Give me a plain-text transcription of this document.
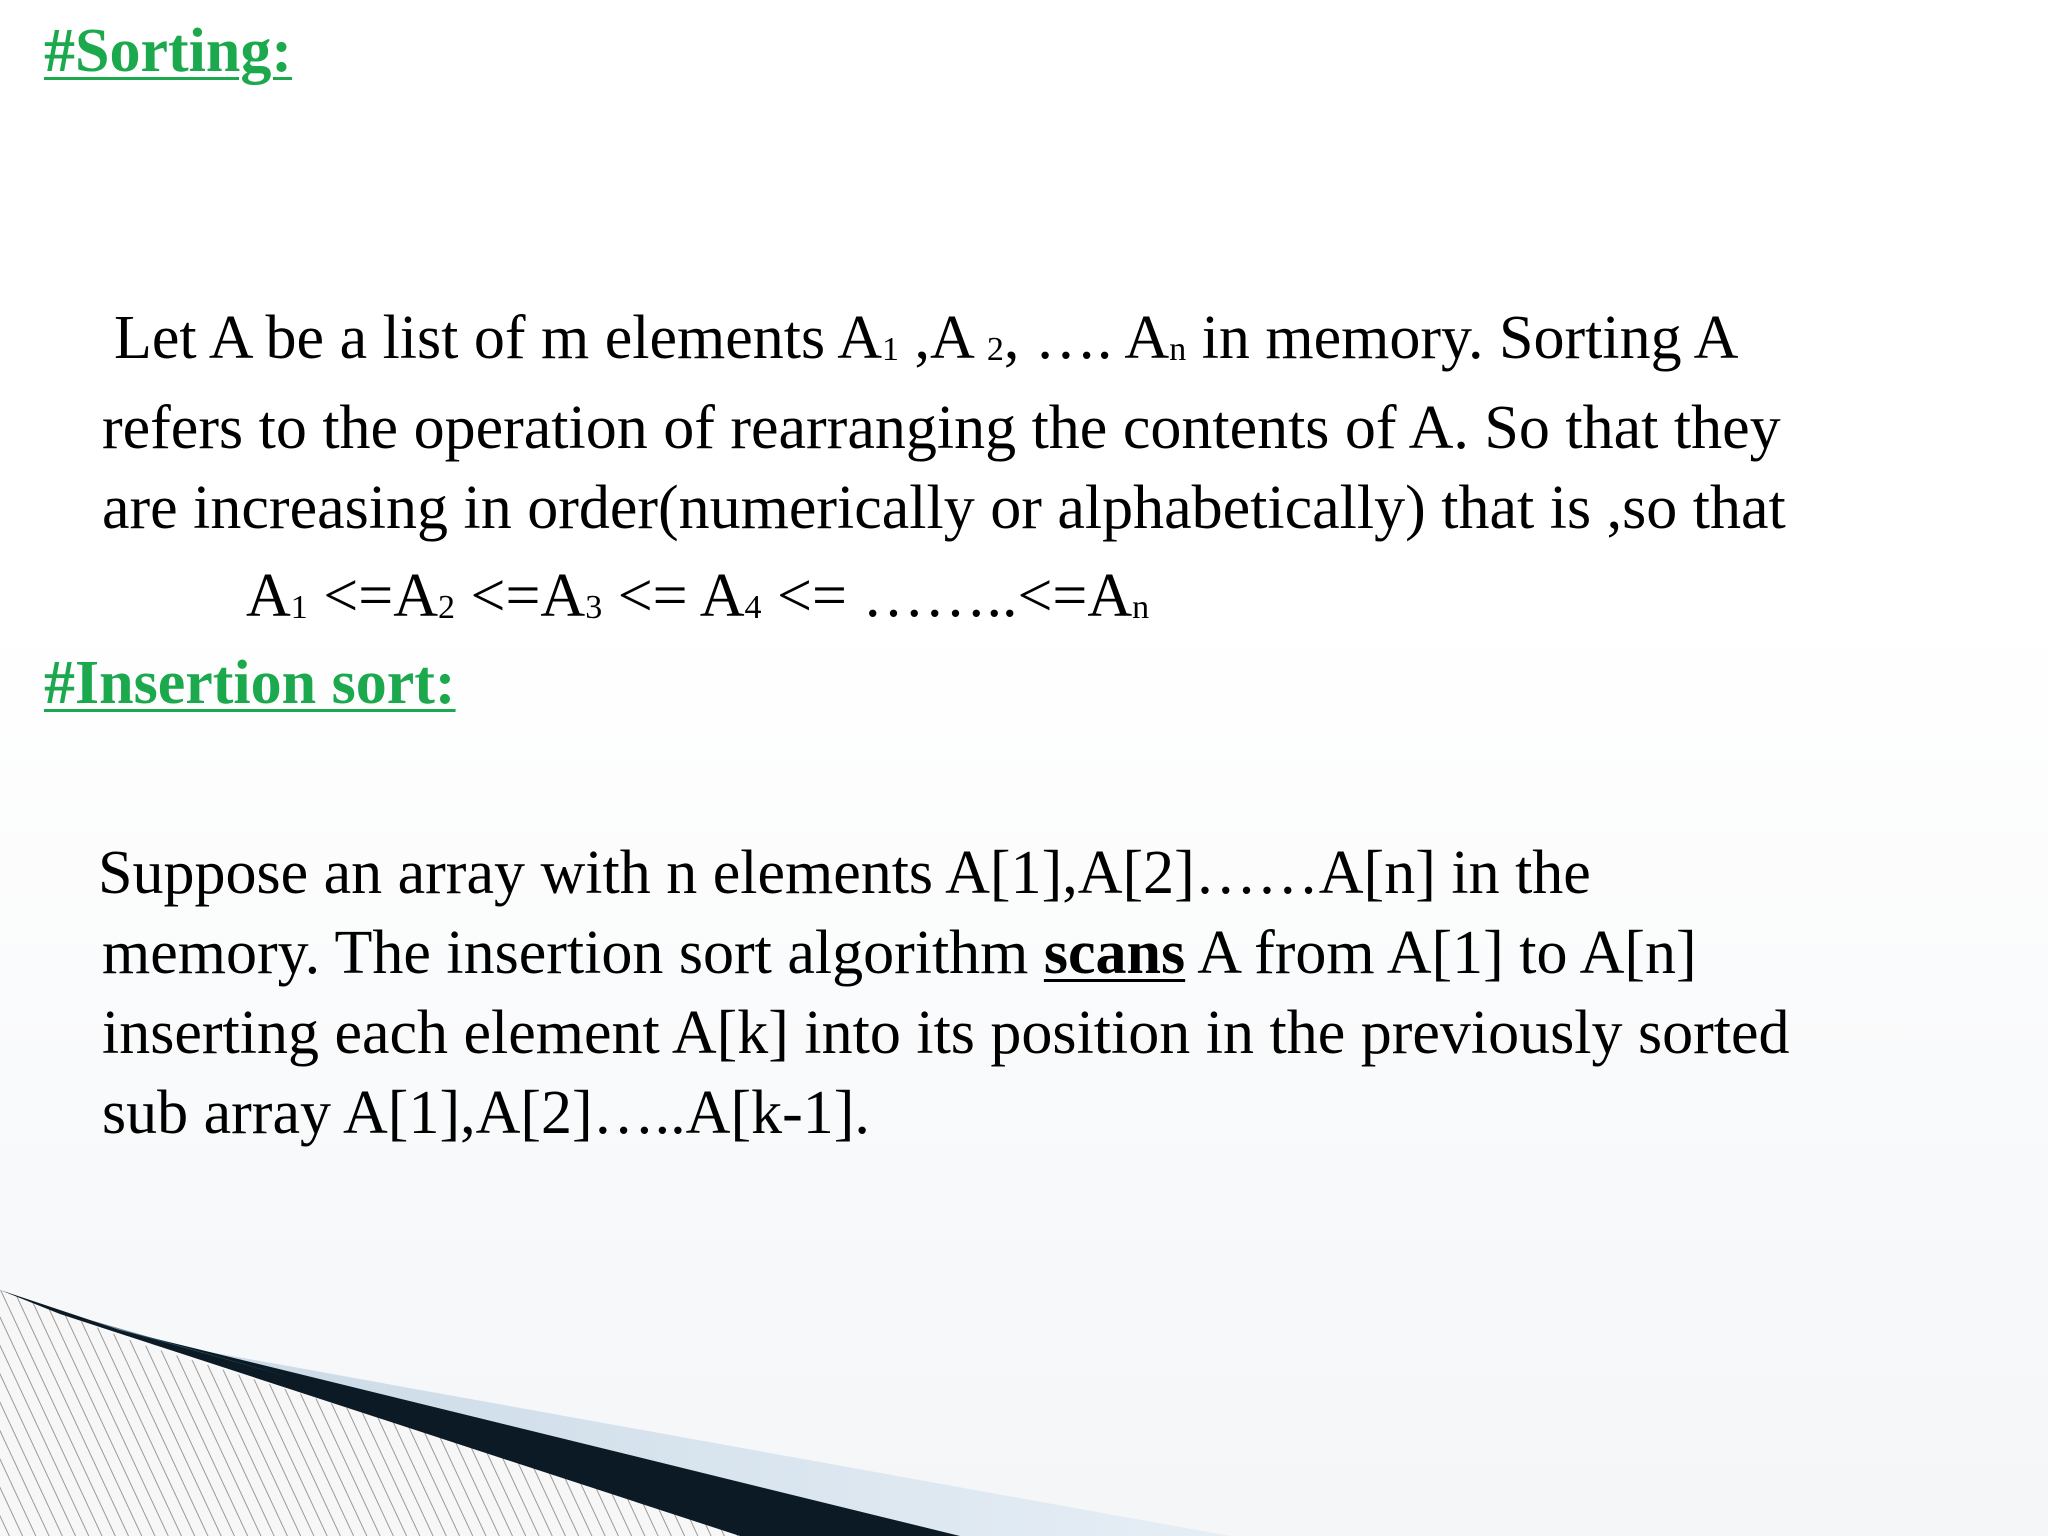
#Sorting:
Let A be a list of m elements $A_1$ ,A $_2$, …. $A_n$ in memory. Sorting A
refers to the operation of rearranging the contents of A. So that they
are increasing in order(numerically or alphabetically) that is ,so that
$A_1 <=A_2 <=A_3 <= A_4$ <= $\dots\dots..<=A_n$
#Insertion sort:
Suppose an array with n elements A[1],A[2]……A[n] in the
memory. The insertion sort algorithm scans A from A[1] to A[n]
inserting each element A[k] into its position in the previously sorted
sub array A[1],A[2]…..A[k-1].
